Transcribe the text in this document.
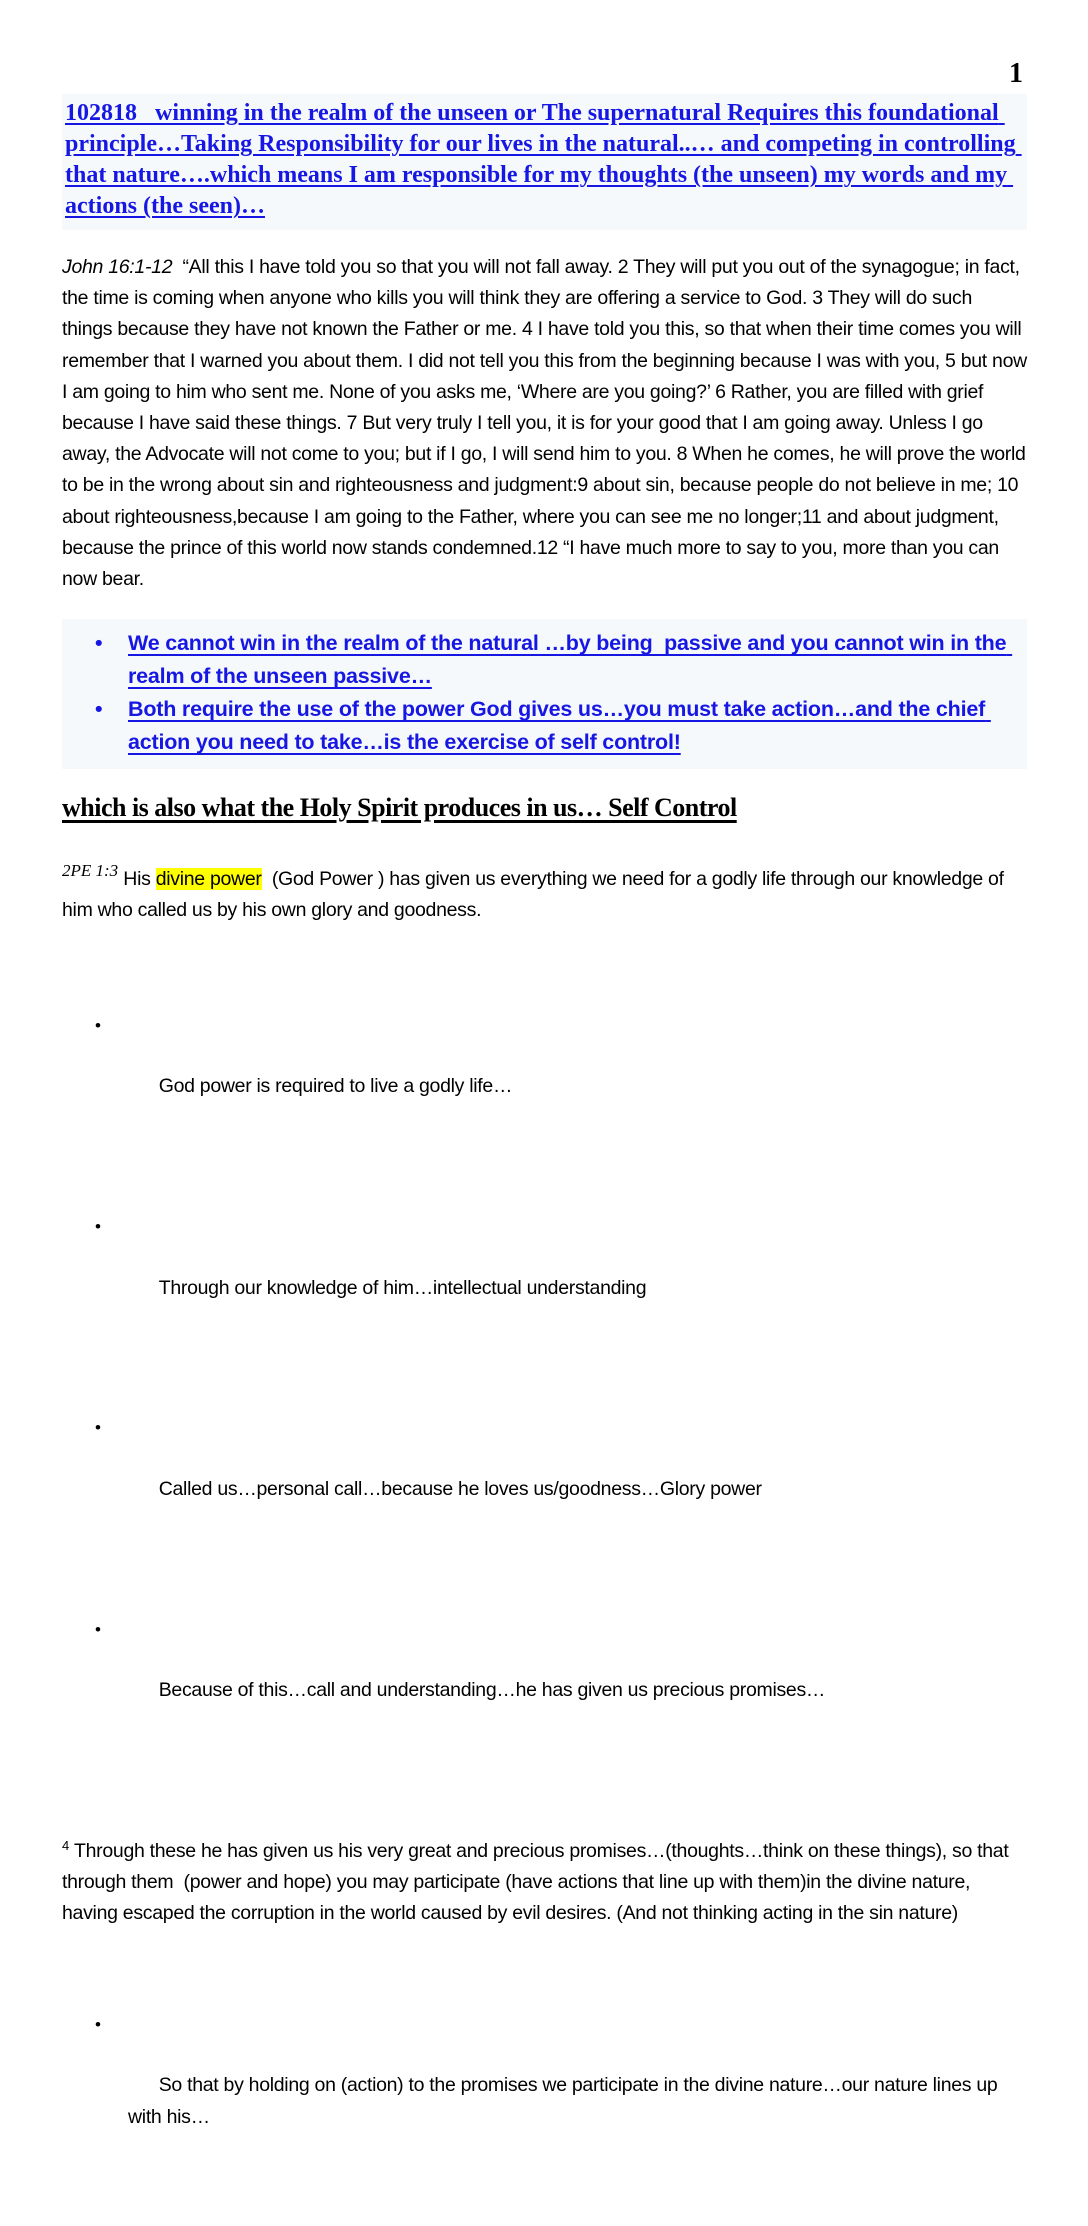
1
102818   winning in the realm of the unseen or The supernatural Requires this foundational principle…Taking Responsibility for our lives in the natural..… and competing in controlling that nature….which means I am responsible for my thoughts (the unseen) my words and my actions (the seen)…

John 16:1-12  “All this I have told you so that you will not fall away. 2 They will put you out of the synagogue; in fact, the time is coming when anyone who kills you will think they are offering a service to God. 3 They will do such things because they have not known the Father or me. 4 I have told you this, so that when their time comes you will remember that I warned you about them. I did not tell you this from the beginning because I was with you, 5 but now I am going to him who sent me. None of you asks me, ‘Where are you going?’ 6 Rather, you are filled with grief because I have said these things. 7 But very truly I tell you, it is for your good that I am going away. Unless I go away, the Advocate will not come to you; but if I go, I will send him to you. 8 When he comes, he will prove the world to be in the wrong about sin and righteousness and judgment:9 about sin, because people do not believe in me; 10 about righteousness,because I am going to the Father, where you can see me no longer;11 and about judgment, because the prince of this world now stands condemned.12 “I have much more to say to you, more than you can now bear.

• We cannot win in the realm of the natural …by being  passive and you cannot win in the realm of the unseen passive…
• Both require the use of the power God gives us…you must take action…and the chief action you need to take…is the exercise of self control!
which is also what the Holy Spirit produces in us… Self Control

2PE 1:3 His divine power  (God Power ) has given us everything we need for a godly life through our knowledge of him who called us by his own glory and goodness.

•

God power is required to live a godly life…

•

Through our knowledge of him…intellectual understanding

•

Called us…personal call…because he loves us/goodness…Glory power

•

Because of this…call and understanding…he has given us precious promises…

$^4$ Through these he has given us his very great and precious promises…(thoughts…think on these things), so that through them  (power and hope) you may participate (have actions that line up with them)in the divine nature, having escaped the corruption in the world caused by evil desires. (And not thinking acting in the sin nature)

•

So that by holding on (action) to the promises we participate in the divine nature…our nature lines up with his…
